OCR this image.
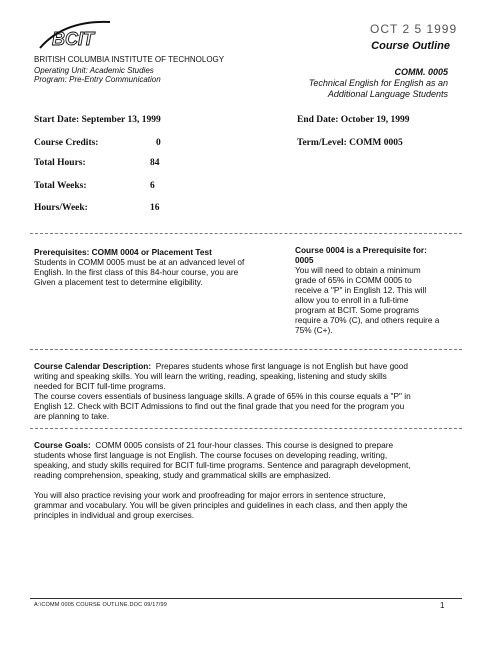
OCT 2 5 1999
BCIT	Course Outline
BRITISH COLUMBIA INSTITUTE OF TECHNOLOGY
Operating Unit: Academic Studies
Program: Pre-Entry Communication
COMM. 0005
Technical English for English as an
Additional Language Students
Start Date: September 13, 1999	End Date: October 19, 1999
Course Credits:	0	Term/Level: COMM 0005
Total Hours:	84
Total Weeks:	6
Hours/Week:	16
Prerequisites: COMM 0004 or Placement Test
Students in COMM 0005 must be at an advanced level of
English. In the first class of this 84-hour course, you are
Given a placement test to determine eligibility.
Course 0004 is a Prerequisite for:
0005
You will need to obtain a minimum
grade of 65% in COMM 0005 to
receive a "P" in English 12. This will
allow you to enroll in a full-time
program at BCIT. Some programs
require a 70% (C), and others require a
75% (C+).
Course Calendar Description: Prepares students whose first language is not English but have good
writing and speaking skills. You will learn the writing, reading, speaking, listening and study skills
needed for BCIT full-time programs.
The course covers essentials of business language skills. A grade of 65% in this course equals a "P" in
English 12. Check with BCIT Admissions to find out the final grade that you need for the program you
are planning to take.
Course Goals: COMM 0005 consists of 21 four-hour classes. This course is designed to prepare
students whose first language is not English. The course focuses on developing reading, writing,
speaking, and study skills required for BCIT full-time programs. Sentence and paragraph development,
reading comprehension, speaking, study and grammatical skills are emphasized.
You will also practice revising your work and proofreading for major errors in sentence structure,
grammar and vocabulary. You will be given principles and guidelines in each class, and then apply the
principles in individual and group exercises.
A:\COMM 0005 COURSE OUTLINE.DOC 09/17/99	1
